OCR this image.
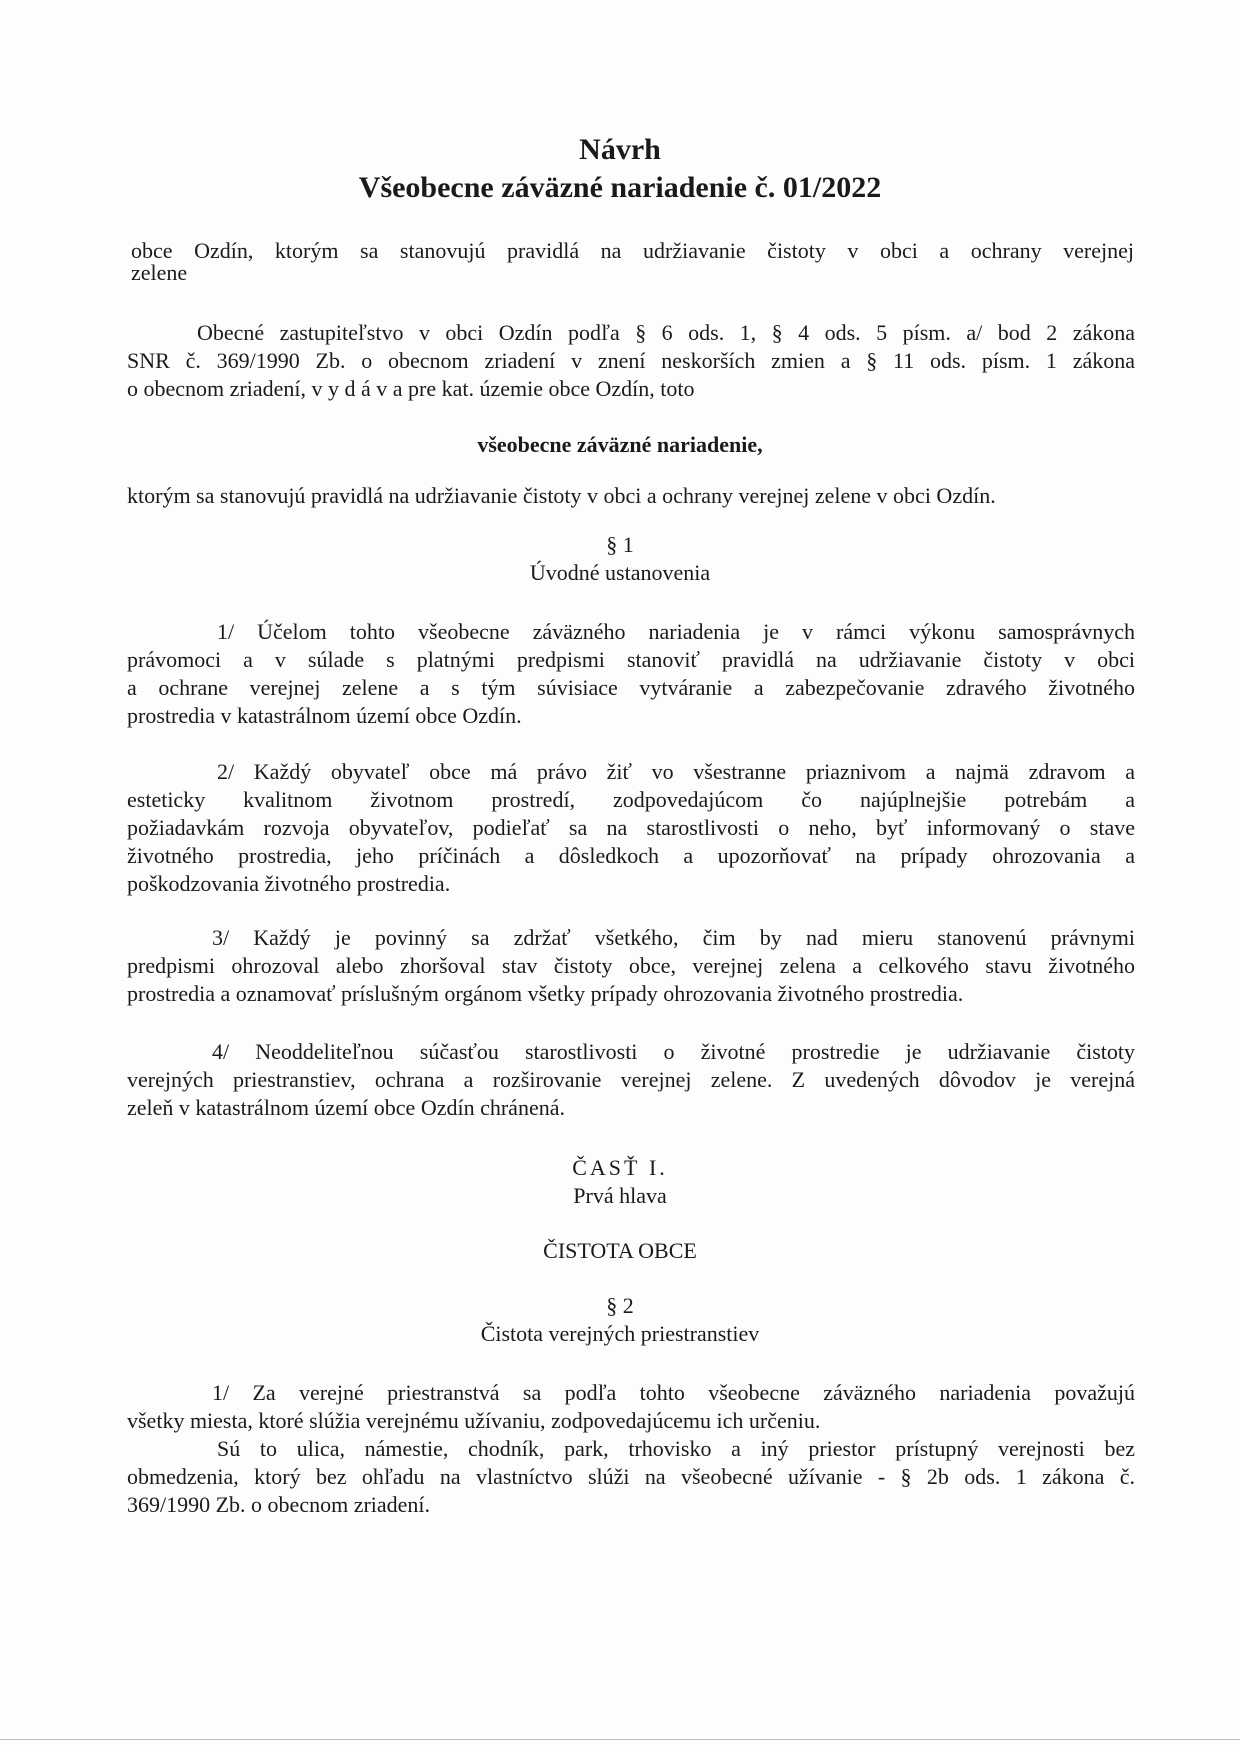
Návrh
Všeobecne záväzné nariadenie č. 01/2022
obce Ozdín, ktorým sa stanovujú pravidlá na udržiavanie čistoty v obci a ochrany verejnej
zelene
Obecné zastupiteľstvo v obci Ozdín podľa § 6 ods. 1, § 4 ods. 5 písm. a/ bod 2 zákona
SNR č. 369/1990 Zb. o obecnom zriadení v znení neskorších zmien a § 11 ods. písm. 1 zákona
o obecnom zriadení, v y d á v a pre kat. územie obce Ozdín, toto
všeobecne záväzné nariadenie,
ktorým sa stanovujú pravidlá na udržiavanie čistoty v obci a ochrany verejnej zelene v obci Ozdín.
§ 1
Úvodné ustanovenia
1/ Účelom tohto všeobecne záväzného nariadenia je v rámci výkonu samosprávnych
právomoci a v súlade s platnými predpismi stanoviť pravidlá na udržiavanie čistoty v obci
a ochrane verejnej zelene a s tým súvisiace vytváranie a zabezpečovanie zdravého životného
prostredia v katastrálnom území obce Ozdín.
2/ Každý obyvateľ obce má právo žiť vo všestranne priaznivom a najmä zdravom a
esteticky kvalitnom životnom prostredí, zodpovedajúcom čo najúplnejšie potrebám a
požiadavkám rozvoja obyvateľov, podieľať sa na starostlivosti o neho, byť informovaný o stave
životného prostredia, jeho príčinách a dôsledkoch a upozorňovať na prípady ohrozovania a
poškodzovania životného prostredia.
3/ Každý je povinný sa zdržať všetkého, čim by nad mieru stanovenú právnymi
predpismi ohrozoval alebo zhoršoval stav čistoty obce, verejnej zelena a celkového stavu životného
prostredia a oznamovať príslušným orgánom všetky prípady ohrozovania životného prostredia.
4/ Neoddeliteľnou súčasťou starostlivosti o životné prostredie je udržiavanie čistoty
verejných priestranstiev, ochrana a rozširovanie verejnej zelene. Z uvedených dôvodov je verejná
zeleň v katastrálnom území obce Ozdín chránená.
ČASŤ I.
Prvá hlava
ČISTOTA OBCE
§ 2
Čistota verejných priestranstiev
1/ Za verejné priestranstvá sa podľa tohto všeobecne záväzného nariadenia považujú
všetky miesta, ktoré slúžia verejnému užívaniu, zodpovedajúcemu ich určeniu.
Sú to ulica, námestie, chodník, park, trhovisko a iný priestor prístupný verejnosti bez
obmedzenia, ktorý bez ohľadu na vlastníctvo slúži na všeobecné užívanie - § 2b ods. 1 zákona č.
369/1990 Zb. o obecnom zriadení.
